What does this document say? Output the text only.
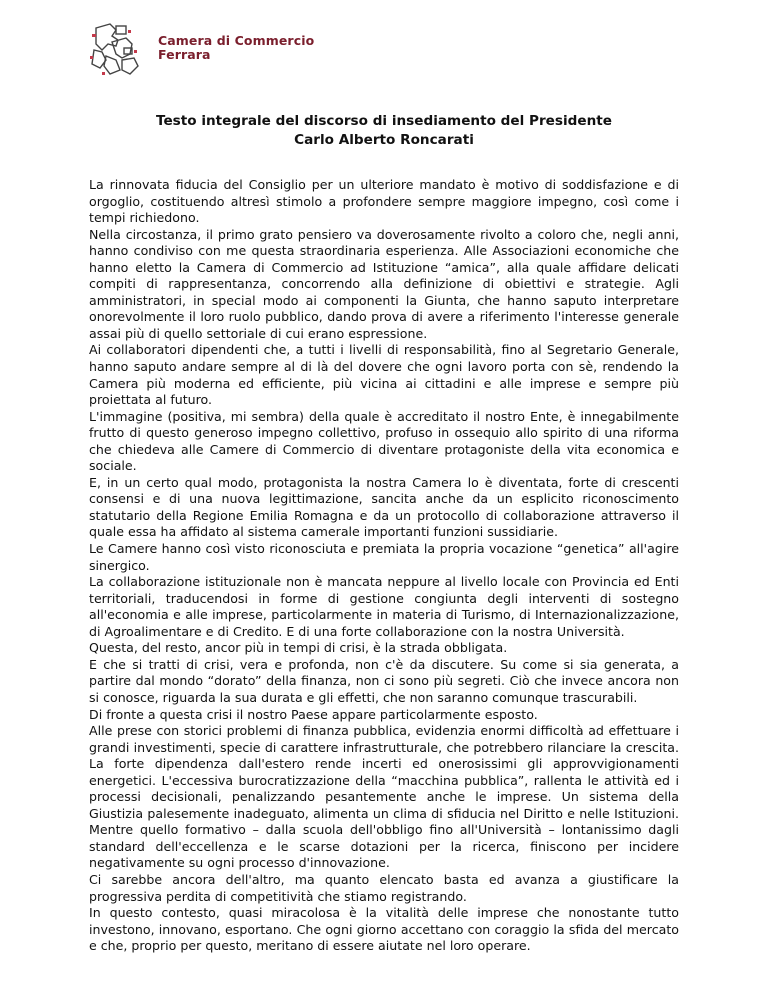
Camera di Commercio
Ferrara
Testo integrale del discorso di insediamento del Presidente
Carlo Alberto Roncarati

La rinnovata fiducia del Consiglio per un ulteriore mandato è motivo di soddisfazione e di orgoglio, costituendo altresì stimolo a profondere sempre maggiore impegno, così come i tempi richiedono.

Nella circostanza, il primo grato pensiero va doverosamente rivolto a coloro che, negli anni, hanno condiviso con me questa straordinaria esperienza. Alle Associazioni economiche che hanno eletto la Camera di Commercio ad Istituzione “amica”, alla quale affidare delicati compiti di rappresentanza, concorrendo alla definizione di obiettivi e strategie. Agli amministratori, in special modo ai componenti la Giunta, che hanno saputo interpretare onorevolmente il loro ruolo pubblico, dando prova di avere a riferimento l'interesse generale assai più di quello settoriale di cui erano espressione.

Ai collaboratori dipendenti che, a tutti i livelli di responsabilità, fino al Segretario Generale, hanno saputo andare sempre al di là del dovere che ogni lavoro porta con sè, rendendo la Camera più moderna ed efficiente, più vicina ai cittadini e alle imprese e sempre più proiettata al futuro.

L'immagine (positiva, mi sembra) della quale è accreditato il nostro Ente, è innegabilmente frutto di questo generoso impegno collettivo, profuso in ossequio allo spirito di una riforma che chiedeva alle Camere di Commercio di diventare protagoniste della vita economica e sociale.

E, in un certo qual modo, protagonista la nostra Camera lo è diventata, forte di crescenti consensi e di una nuova legittimazione, sancita anche da un esplicito riconoscimento statutario della Regione Emilia Romagna e da un protocollo di collaborazione attraverso il quale essa ha affidato al sistema camerale importanti funzioni sussidiarie.

Le Camere hanno così visto riconosciuta e premiata la propria vocazione “genetica” all'agire sinergico.

La collaborazione istituzionale non è mancata neppure al livello locale con Provincia ed Enti territoriali, traducendosi in forme di gestione congiunta degli interventi di sostegno all'economia e alle imprese, particolarmente in materia di Turismo, di Internazionalizzazione, di Agroalimentare e di Credito. E di una forte collaborazione con la nostra Università.

Questa, del resto, ancor più in tempi di crisi, è la strada obbligata.

E che si tratti di crisi, vera e profonda, non c'è da discutere. Su come si sia generata, a partire dal mondo “dorato” della finanza, non ci sono più segreti. Ciò che invece ancora non si conosce, riguarda la sua durata e gli effetti, che non saranno comunque trascurabili.

Di fronte a questa crisi il nostro Paese appare particolarmente esposto.

Alle prese con storici problemi di finanza pubblica, evidenzia enormi difficoltà ad effettuare i grandi investimenti, specie di carattere infrastrutturale, che potrebbero rilanciare la crescita. La forte dipendenza dall'estero rende incerti ed onerosissimi gli approvvigionamenti energetici. L'eccessiva burocratizzazione della “macchina pubblica”, rallenta le attività ed i processi decisionali, penalizzando pesantemente anche le imprese. Un sistema della Giustizia palesemente inadeguato, alimenta un clima di sfiducia nel Diritto e nelle Istituzioni. Mentre quello formativo – dalla scuola dell'obbligo fino all'Università – lontanissimo dagli standard dell'eccellenza e le scarse dotazioni per la ricerca, finiscono per incidere negativamente su ogni processo d'innovazione.

Ci sarebbe ancora dell'altro, ma quanto elencato basta ed avanza a giustificare la progressiva perdita di competitività che stiamo registrando.

In questo contesto, quasi miracolosa è la vitalità delle imprese che nonostante tutto investono, innovano, esportano. Che ogni giorno accettano con coraggio la sfida del mercato e che, proprio per questo, meritano di essere aiutate nel loro operare.
